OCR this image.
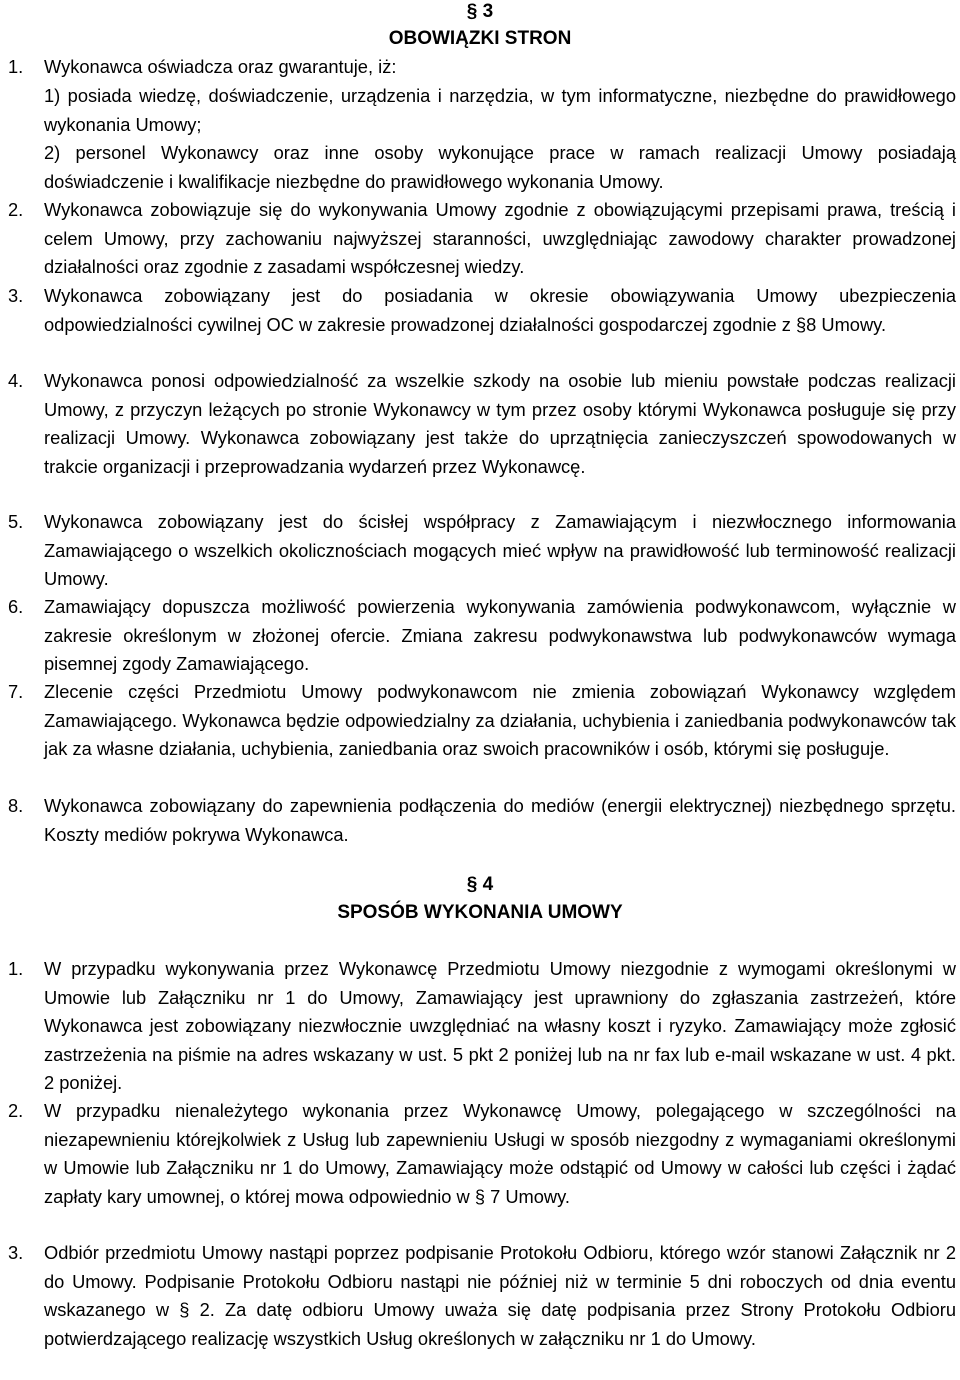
§ 3
OBOWIĄZKI STRON
1. Wykonawca oświadcza oraz gwarantuje, iż:
1) posiada wiedzę, doświadczenie, urządzenia i narzędzia, w tym informatyczne, niezbędne do prawidłowego wykonania Umowy;
2) personel Wykonawcy oraz inne osoby wykonujące prace w ramach realizacji Umowy posiadają doświadczenie i kwalifikacje niezbędne do prawidłowego wykonania Umowy.
2. Wykonawca zobowiązuje się do wykonywania Umowy zgodnie z obowiązującymi przepisami prawa, treścią i celem Umowy, przy zachowaniu najwyższej staranności, uwzględniając zawodowy charakter prowadzonej działalności oraz zgodnie z zasadami współczesnej wiedzy.
3. Wykonawca zobowiązany jest do posiadania w okresie obowiązywania Umowy ubezpieczenia odpowiedzialności cywilnej OC w zakresie prowadzonej działalności gospodarczej zgodnie z §8 Umowy.
4. Wykonawca ponosi odpowiedzialność za wszelkie szkody na osobie lub mieniu powstałe podczas realizacji Umowy, z przyczyn leżących po stronie Wykonawcy w tym przez osoby którymi Wykonawca posługuje się przy realizacji Umowy. Wykonawca zobowiązany jest także do uprzątnięcia zanieczyszczeń spowodowanych w trakcie organizacji i przeprowadzania wydarzeń przez Wykonawcę.
5. Wykonawca zobowiązany jest do ścisłej współpracy z Zamawiającym i niezwłocznego informowania Zamawiającego o wszelkich okolicznościach mogących mieć wpływ na prawidłowość lub terminowość realizacji Umowy.
6. Zamawiający dopuszcza możliwość powierzenia wykonywania zamówienia podwykonawcom, wyłącznie w zakresie określonym w złożonej ofercie. Zmiana zakresu podwykonawstwa lub podwykonawców wymaga pisemnej zgody Zamawiającego.
7. Zlecenie części Przedmiotu Umowy podwykonawcom nie zmienia zobowiązań Wykonawcy względem Zamawiającego. Wykonawca będzie odpowiedzialny za działania, uchybienia i zaniedbania podwykonawców tak jak za własne działania, uchybienia, zaniedbania oraz swoich pracowników i osób, którymi się posługuje.
8. Wykonawca zobowiązany do zapewnienia podłączenia do mediów (energii elektrycznej) niezbędnego sprzętu. Koszty mediów pokrywa Wykonawca.
§ 4
SPOSÓB WYKONANIA UMOWY
1. W przypadku wykonywania przez Wykonawcę Przedmiotu Umowy niezgodnie z wymogami określonymi w Umowie lub Załączniku nr 1 do Umowy, Zamawiający jest uprawniony do zgłaszania zastrzeżeń, które Wykonawca jest zobowiązany niezwłocznie uwzględniać na własny koszt i ryzyko. Zamawiający może zgłosić zastrzeżenia na piśmie na adres wskazany w ust. 5 pkt 2 poniżej lub na nr fax lub e-mail wskazane w ust. 4 pkt. 2 poniżej.
2. W przypadku nienależytego wykonania przez Wykonawcę Umowy, polegającego w szczególności na niezapewnieniu którejkolwiek z Usług lub zapewnieniu Usługi w sposób niezgodny z wymaganiami określonymi w Umowie lub Załączniku nr 1 do Umowy, Zamawiający może odstąpić od Umowy w całości lub części i żądać zapłaty kary umownej, o której mowa odpowiednio w § 7 Umowy.
3. Odbiór przedmiotu Umowy nastąpi poprzez podpisanie Protokołu Odbioru, którego wzór stanowi Załącznik nr 2 do Umowy. Podpisanie Protokołu Odbioru nastąpi nie później niż w terminie 5 dni roboczych od dnia eventu wskazanego w § 2. Za datę odbioru Umowy uważa się datę podpisania przez Strony Protokołu Odbioru potwierdzającego realizację wszystkich Usług określonych w załączniku nr 1 do Umowy.
